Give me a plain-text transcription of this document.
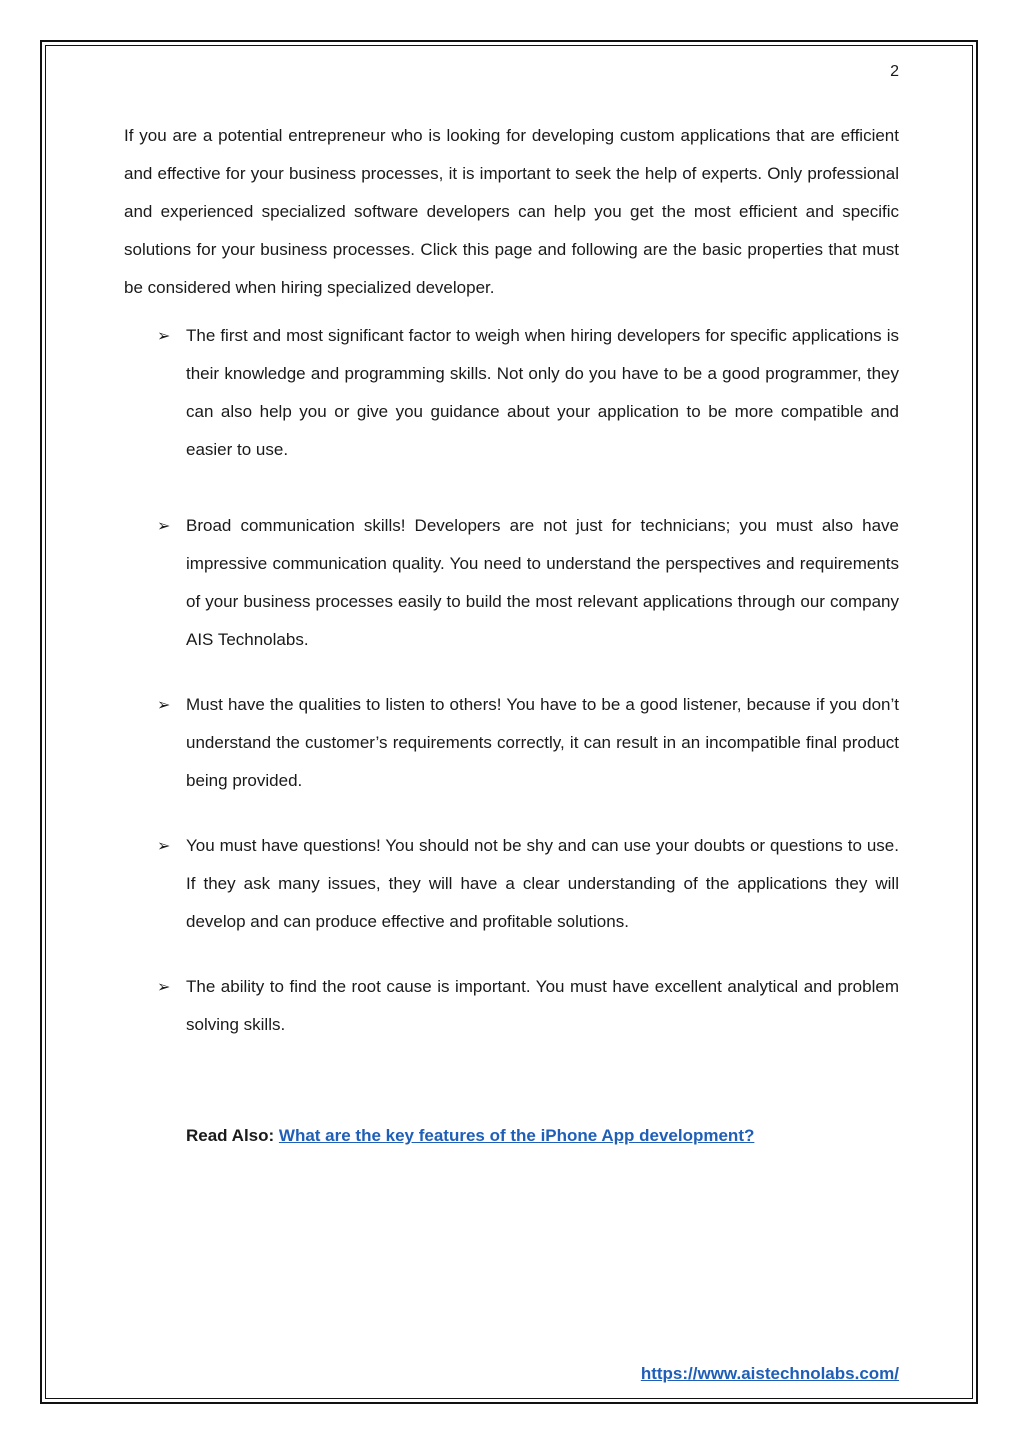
2

If you are a potential entrepreneur who is looking for developing custom applications that are efficient and effective for your business processes, it is important to seek the help of experts. Only professional and experienced specialized software developers can help you get the most efficient and specific solutions for your business processes. Click this page and following are the basic properties that must be considered when hiring specialized developer.

➢ The first and most significant factor to weigh when hiring developers for specific applications is their knowledge and programming skills. Not only do you have to be a good programmer, they can also help you or give you guidance about your application to be more compatible and easier to use.
➢ Broad communication skills! Developers are not just for technicians; you must also have impressive communication quality. You need to understand the perspectives and requirements of your business processes easily to build the most relevant applications through our company AIS Technolabs.
➢ Must have the qualities to listen to others! You have to be a good listener, because if you don’t understand the customer’s requirements correctly, it can result in an incompatible final product being provided.
➢ You must have questions! You should not be shy and can use your doubts or questions to use. If they ask many issues, they will have a clear understanding of the applications they will develop and can produce effective and profitable solutions.
➢ The ability to find the root cause is important. You must have excellent analytical and problem solving skills.

Read Also: What are the key features of the iPhone App development?

https://www.aistechnolabs.com/
